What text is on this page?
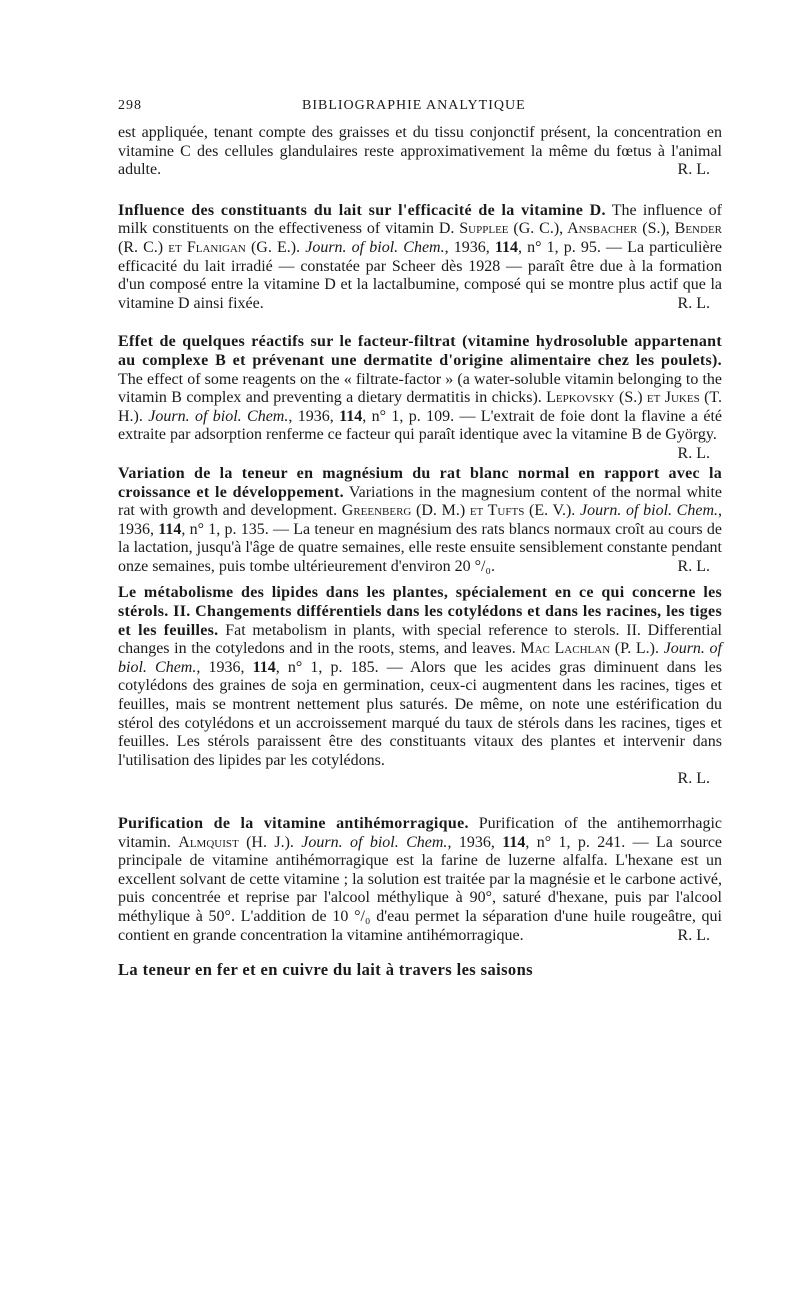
298	BIBLIOGRAPHIE ANALYTIQUE

est appliquée, tenant compte des graisses et du tissu conjonctif présent, la concentration en vitamine C des cellules glandulaires reste approximativement la même du fœtus à l'animal adulte.	R. L.

Influence des constituants du lait sur l'efficacité de la vitamine D. The influence of milk constituents on the effectiveness of vitamin D. Supplee (G. C.), Ansbacher (S.), Bender (R. C.) et Flanigan (G. E.). Journ. of biol. Chem., 1936, 114, n° 1, p. 95. — La particulière efficacité du lait irradié — constatée par Scheer dès 1928 — paraît être due à la formation d'un composé entre la vitamine D et la lactalbumine, composé qui se montre plus actif que la vitamine D ainsi fixée.	R. L.

Effet de quelques réactifs sur le facteur-filtrat (vitamine hydrosoluble appartenant au complexe B et prévenant une dermatite d'origine alimentaire chez les poulets). The effect of some reagents on the « filtrate-factor » (a water-soluble vitamin belonging to the vitamin B complex and preventing a dietary dermatitis in chicks). Lepkovsky (S.) et Jukes (T. H.). Journ. of biol. Chem., 1936, 114, n° 1, p. 109. — L'extrait de foie dont la flavine a été extraite par adsorption renferme ce facteur qui paraît identique avec la vitamine B de György.
R. L.

Variation de la teneur en magnésium du rat blanc normal en rapport avec la croissance et le développement. Variations in the magnesium content of the normal white rat with growth and development. Greenberg (D. M.) et Tufts (E. V.). Journ. of biol. Chem., 1936, 114, n° 1, p. 135. — La teneur en magnésium des rats blancs normaux croît au cours de la lactation, jusqu'à l'âge de quatre semaines, elle reste ensuite sensiblement constante pendant onze semaines, puis tombe ultérieurement d'environ 20 °/₀.	R. L.

Le métabolisme des lipides dans les plantes, spécialement en ce qui concerne les stérols. II. Changements différentiels dans les cotylédons et dans les racines, les tiges et les feuilles. Fat metabolism in plants, with special reference to sterols. II. Differential changes in the cotyledons and in the roots, stems, and leaves. Mac Lachlan (P. L.). Journ. of biol. Chem., 1936, 114, n° 1, p. 185. — Alors que les acides gras diminuent dans les cotylédons des graines de soja en germination, ceux-ci augmentent dans les racines, tiges et feuilles, mais se montrent nettement plus saturés. De même, on note une estérification du stérol des cotylédons et un accroissement marqué du taux de stérols dans les racines, tiges et feuilles. Les stérols paraissent être des constituants vitaux des plantes et intervenir dans l'utilisation des lipides par les cotylédons.
R. L.

Purification de la vitamine antihémorragique. Purification of the antihemorrhagic vitamin. Almquist (H. J.). Journ. of biol. Chem., 1936, 114, n° 1, p. 241. — La source principale de vitamine antihémorragique est la farine de luzerne alfalfa. L'hexane est un excellent solvant de cette vitamine ; la solution est traitée par la magnésie et le carbone activé, puis concentrée et reprise par l'alcool méthylique à 90°, saturé d'hexane, puis par l'alcool méthylique à 50°. L'addition de 10 °/₀ d'eau permet la séparation d'une huile rougeâtre, qui contient en grande concentration la vitamine antihémorragique.	R. L.

La teneur en fer et en cuivre du lait à travers les saisons
